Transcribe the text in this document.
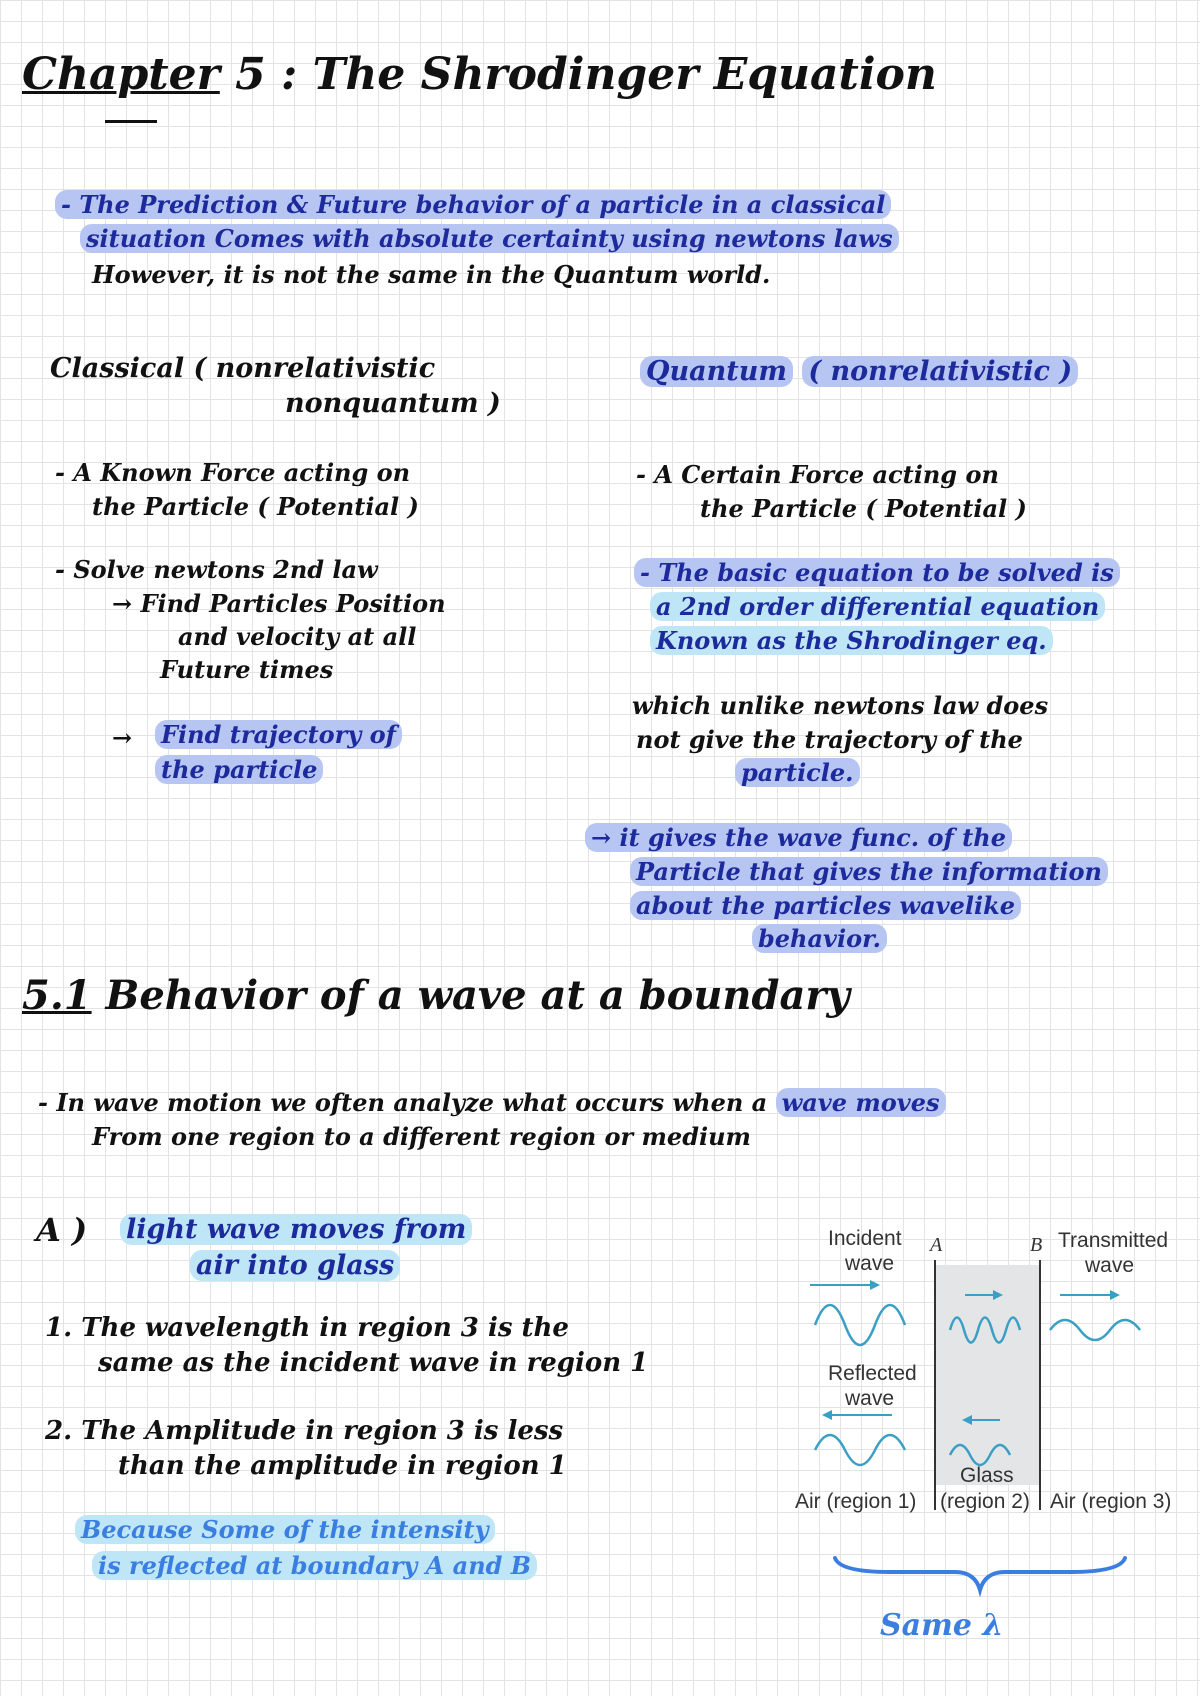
Chapter 5 : The Shrodinger Equation
- The Prediction & Future behavior of a particle in a classical
situation Comes with absolute certainty using newtons laws
However, it is not the same in the Quantum world.
Classical ( nonrelativistic
nonquantum )
- A Known Force acting on
the Particle ( Potential )
- Solve newtons 2nd law
→ Find Particles Position
and velocity at all
Future times
→ Find trajectory of
the particle
Quantum ( nonrelativistic )
- A Certain Force acting on
the Particle ( Potential )
- The basic equation to be solved is
a 2nd order differential equation
Known as the Shrodinger eq.
which unlike newtons law does
not give the trajectory of the
particle.
→ it gives the wave func. of the
Particle that gives the information
about the particles wavelike
behavior.
5.1 Behavior of a wave at a boundary
- In wave motion we often analyze what occurs when a wave moves
From one region to a different region or medium
A ) light wave moves from
air into glass
1. The wavelength in region 3 is the
same as the incident wave in region 1
2. The Amplitude in region 3 is less
than the amplitude in region 1
Because Some of the intensity
is reflected at boundary A and B
Incident
wave
A	B Transmitted
wave
Reflected
wave
Glass
Air (region 1) (region 2) Air (region 3)
Same λ
